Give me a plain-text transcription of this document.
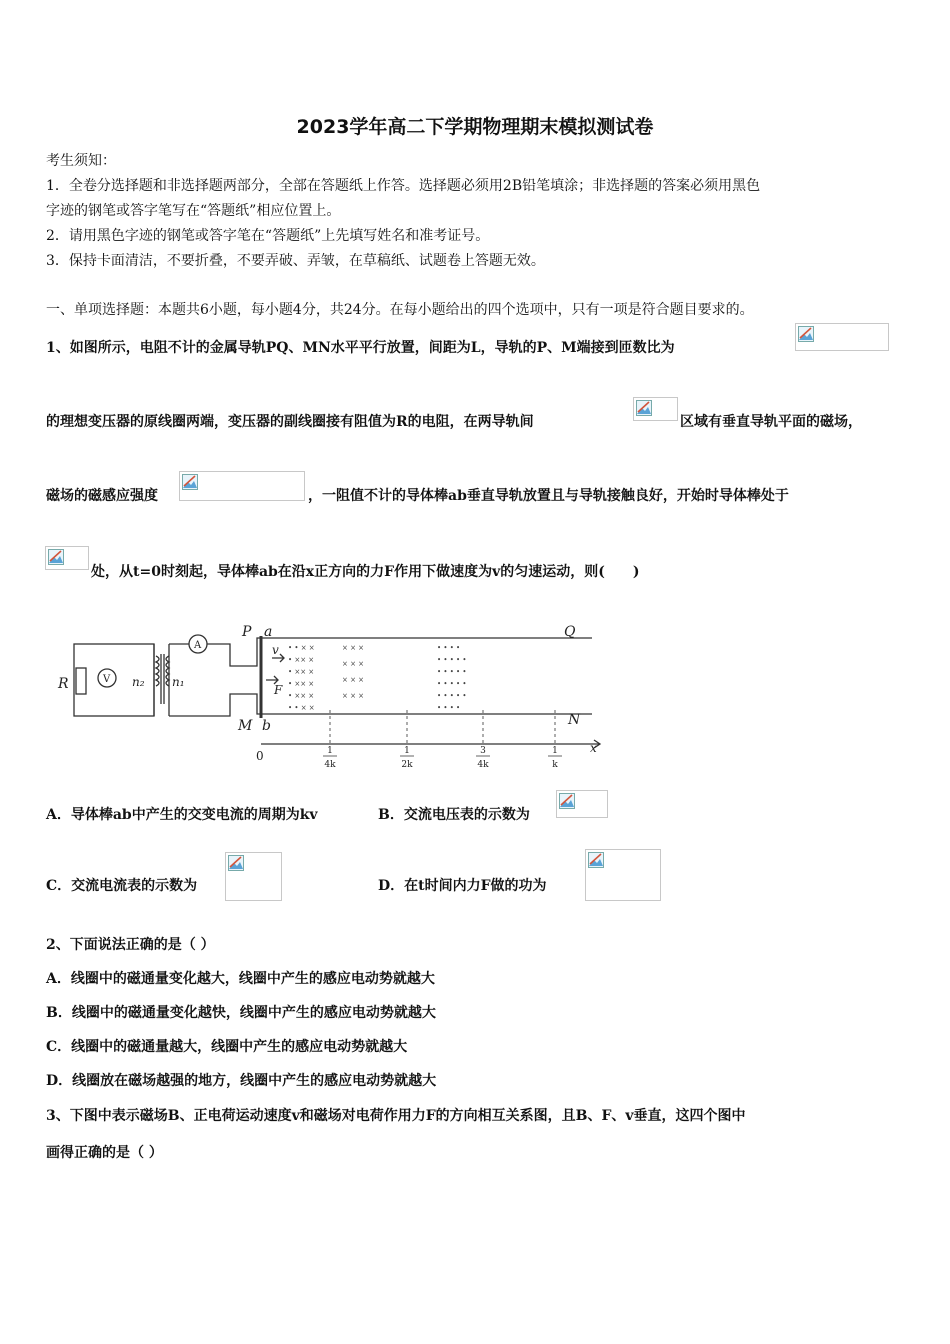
2023学年高二下学期物理期末模拟测试卷
考生须知：
1．全卷分选择题和非选择题两部分，全部在答题纸上作答。选择题必须用2B铅笔填涂；非选择题的答案必须用黑色
字迹的钢笔或答字笔写在“答题纸”相应位置上。
2．请用黑色字迹的钢笔或答字笔在“答题纸”上先填写姓名和准考证号。
3．保持卡面清洁，不要折叠，不要弄破、弄皱，在草稿纸、试题卷上答题无效。
一、单项选择题：本题共6小题，每小题4分，共24分。在每小题给出的四个选项中，只有一项是符合题目要求的。
1、如图所示，电阻不计的金属导轨PQ、MN水平平行放置，间距为L，导轨的P、M端接到匝数比为
的理想变压器的原线圈两端，变压器的副线圈接有阻值为R的电阻，在两导轨间	区域有垂直导轨平面的磁场，
磁场的磁感应强度	，一阻值不计的导体棒ab垂直导轨放置且与导轨接触良好，开始时导体棒处于
处，从t=0时刻起，导体棒ab在沿x正方向的力F作用下做速度为v的匀速运动，则(　　)
• • × ×
• ×× ×
• ×× ×
• ×× ×
• ×× ×
• • × ×
× × ×
× × ×
× × ×
× × ×
• • • •
• • • • •
• • • • •
• • • • •
• • • • •
• • • •
R	V
A
n₂ n₁
P a	Q
M b	N
v
F
0
x
1
4k
1
2k
3
4k
1
k
A．导体棒ab中产生的交变电流的周期为kv	B．交流电压表的示数为
C．交流电流表的示数为	D．在t时间内力F做的功为
2、下面说法正确的是（ ）
A．线圈中的磁通量变化越大，线圈中产生的感应电动势就越大
B．线圈中的磁通量变化越快，线圈中产生的感应电动势就越大
C．线圈中的磁通量越大，线圈中产生的感应电动势就越大
D．线圈放在磁场越强的地方，线圈中产生的感应电动势就越大
3、下图中表示磁场B、正电荷运动速度v和磁场对电荷作用力F的方向相互关系图，且B、F、v垂直，这四个图中
画得正确的是（ ）
